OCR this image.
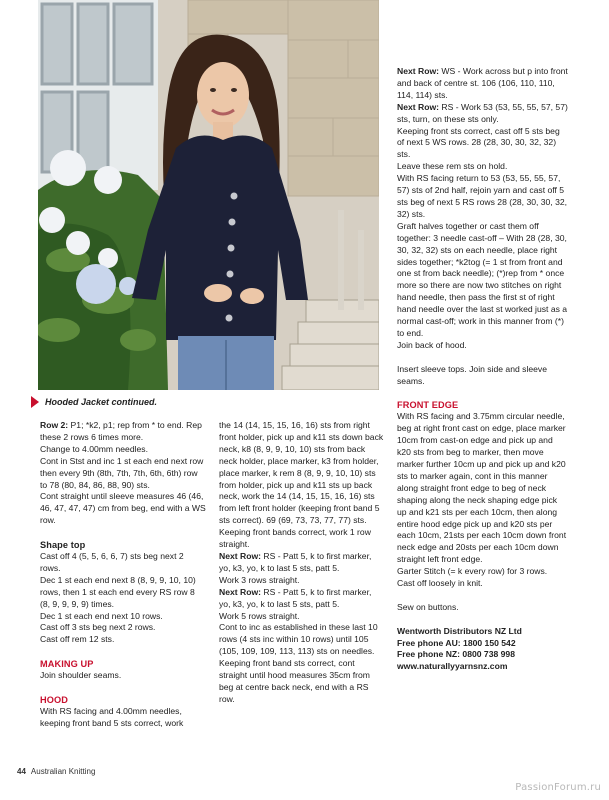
Hooded Jacket continued.

Row 2: P1; *k2, p1; rep from * to end. Rep these 2 rows 6 times more.

Change to 4.00mm needles.

Cont in Stst and inc 1 st each end next row then every 9th (8th, 7th, 7th, 6th, 6th) row to 78 (80, 84, 86, 88, 90) sts.

Cont straight until sleeve measures 46 (46, 46, 47, 47, 47) cm from beg, end with a WS row.

Shape top

Cast off 4 (5, 5, 6, 6, 7) sts beg next 2 rows.

Dec 1 st each end next 8 (8, 9, 9, 10, 10) rows, then 1 st each end every RS row 8 (8, 9, 9, 9, 9) times.

Dec 1 st each end next 10 rows.

Cast off 3 sts beg next 2 rows.

Cast off rem 12 sts.

MAKING UP

Join shoulder seams.

HOOD

With RS facing and 4.00mm needles, keeping front band 5 sts correct, work

the 14 (14, 15, 15, 16, 16) sts from right front holder, pick up and k11 sts down back neck, k8 (8, 9, 9, 10, 10) sts from back neck holder, place marker, k3 from holder, place marker, k rem 8 (8, 9, 9, 10, 10) sts from holder, pick up and k11 sts up back neck, work the 14 (14, 15, 15, 16, 16) sts from left front holder (keeping front band 5 sts correct). 69 (69, 73, 73, 77, 77) sts.

Keeping front bands correct, work 1 row straight.

Next Row: RS - Patt 5, k to first marker, yo, k3, yo, k to last 5 sts, patt 5.

Work 3 rows straight.

Next Row: RS - Patt 5, k to first marker, yo, k3, yo, k to last 5 sts, patt 5.

Work 5 rows straight.

Cont to inc as established in these last 10 rows (4 sts inc within 10 rows) until 105 (105, 109, 109, 113, 113) sts on needles.

Keeping front band sts correct, cont straight until hood measures 35cm from beg at centre back neck, end with a RS row.

Next Row: WS - Work across but p into front and back of centre st. 106 (106, 110, 110, 114, 114) sts.

Next Row: RS - Work 53 (53, 55, 55, 57, 57) sts, turn, on these sts only.

Keeping front sts correct, cast off 5 sts beg of next 5 WS rows. 28 (28, 30, 30, 32, 32) sts.

Leave these rem sts on hold.

With RS facing return to 53 (53, 55, 55, 57, 57) sts of 2nd half, rejoin yarn and cast off 5 sts beg of next 5 RS rows 28 (28, 30, 30, 32, 32) sts.

Graft halves together or cast them off together: 3 needle cast-off – With 28 (28, 30, 30, 32, 32) sts on each needle, place right sides together; *k2tog (= 1 st from front and one st from back needle); (*)rep from * once more so there are now two stitches on right hand needle, then pass the first st of right hand needle over the last st worked just as a normal cast-off; work in this manner from (*) to end.

Join back of hood.

Insert sleeve tops. Join side and sleeve seams.

FRONT EDGE

With RS facing and 3.75mm circular needle, beg at right front cast on edge, place marker 10cm from cast-on edge and pick up and k20 sts from beg to marker, then move marker further 10cm up and pick up and k20 sts to marker again, cont in this manner along straight front edge to beg of neck shaping along the neck shaping edge pick up and k21 sts per each 10cm, then along entire hood edge pick up and k20 sts per each 10cm, 21sts per each 10cm down front neck edge and 20sts per each 10cm down straight left front edge.

Garter Stitch (= k every row) for 3 rows.

Cast off loosely in knit.

Sew on buttons.

Wentworth Distributors NZ Ltd

Free phone AU: 1800 150 542

Free phone NZ: 0800 738 998

www.naturallyyarnsnz.com

44 Australian Knitting
PassionForum.ru
